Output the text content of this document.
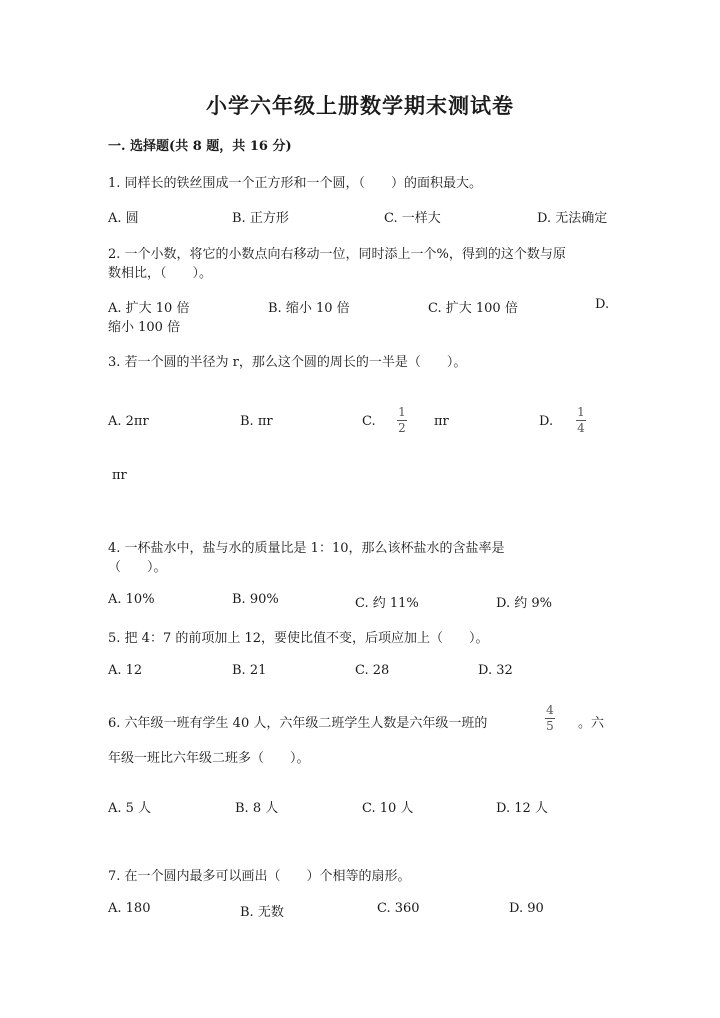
小学六年级上册数学期末测试卷
一. 选择题(共 8 题，共 16 分)
1. 同样长的铁丝围成一个正方形和一个圆，（　　）的面积最大。
A. 圆	B. 正方形	C. 一样大	D. 无法确定
2. 一个小数，将它的小数点向右移动一位，同时添上一个%，得到的这个数与原
数相比，（　　）。
A. 扩大 10 倍	B. 缩小 10 倍	C. 扩大 100 倍	D.
缩小 100 倍
3. 若一个圆的半径为 r，那么这个圆的周长的一半是（　　）。
A. 2πr	B. πr	C.
1
2 πr	D.
1
4
πr
4. 一杯盐水中，盐与水的质量比是 1：10，那么该杯盐水的含盐率是
（　　）。
A. 10%	B. 90%	C. 约 11%	D. 约 9%
5. 把 4：7 的前项加上 12，要使比值不变，后项应加上（　　）。
A. 12	B. 21	C. 28	D. 32
6. 六年级一班有学生 40 人，六年级二班学生人数是六年级一班的
4
5 。六
年级一班比六年级二班多（　　）。
A. 5 人	B. 8 人	C. 10 人	D. 12 人
7. 在一个圆内最多可以画出（　　）个相等的扇形。
A. 180	B. 无数	C. 360	D. 90
